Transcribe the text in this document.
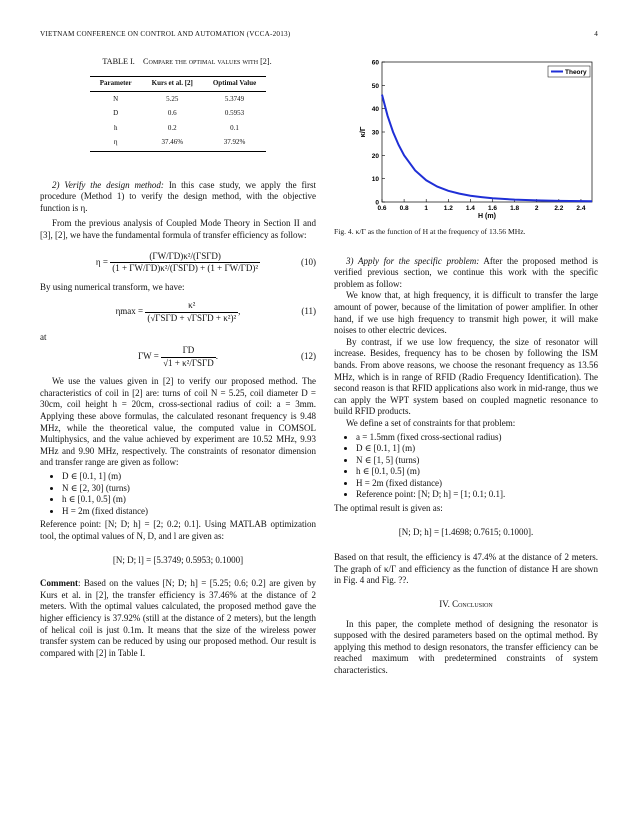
VIETNAM CONFERENCE ON CONTROL AND AUTOMATION (VCCA-2013)	4
TABLE I. Compare the optimal values with [2].
Parameter	Kurs et al. [2]	Optimal Value
N	5.25	5.3749
D	0.6	0.5953
h	0.2	0.1
η	37.46%	37.92%

2) Verify the design method: In this case study, we apply the first procedure (Method 1) to verify the design method, with the objective function is η.

From the previous analysis of Coupled Mode Theory in Section II and [3], [2], we have the fundamental formula of transfer efficiency as follow:

$\eta = \frac{\text{(ΓW/ΓD)κ²/(ΓSΓD)}}{\text{(1 + ΓW/ΓD)κ²/(ΓSΓD) + (1 + ΓW/ΓD)²}}$	(10)

By using numerical transform, we have:

$\eta\max = \frac{\text{κ²}}{\text{(√ΓSΓD + √ΓSΓD + κ²)²}}$ ,	(11)

at

$\Gamma W = \frac{\Gamma D}{\text{√1 + κ²/ΓSΓD}}$ .	(12)

We use the values given in [2] to verify our proposed method. The characteristics of coil in [2] are: turns of coil N = 5.25, coil diameter D = 30cm, coil height h = 20cm, cross-sectional radius of coil: a = 3mm. Applying these above formulas, the calculated resonant frequency is 9.48 MHz, while the theoretical value, the computed value in COMSOL Multiphysics, and the value achieved by experiment are 10.52 MHz, 9.93 MHz and 9.90 MHz, respectively. The constraints of resonator dimension and transfer range are given as follow:

• D ∈ [0.1, 1] (m)
• N ∈ [2, 30] (turns)
• h ∈ [0.1, 0.5] (m)
• H = 2m (fixed distance)

Reference point: [N; D; h] = [2; 0.2; 0.1]. Using MATLAB optimization tool, the optimal values of N, D, and l are given as:

[N; D; l] = [5.3749; 0.5953; 0.1000]

Comment: Based on the values [N; D; h] = [5.25; 0.6; 0.2] are given by Kurs et al. in [2], the transfer efficiency is 37.46% at the distance of 2 meters. With the optimal values calculated, the proposed method gave the higher efficiency is 37.92% (still at the distance of 2 meters), but the length of helical coil is just 0.1m. It means that the size of the wireless power transfer system can be reduced by using our proposed method. Our result is compared with [2] in Table I.

0
10
20
30
40
50
60
0.6 0.8 1 1.2 1.4 1.6 1.8 2 2.2 2.4
H (m)
κ/Γ
Theory
Fig. 4. κ/Γ as the function of H at the frequency of 13.56 MHz.

3) Apply for the specific problem: After the proposed method is verified previous section, we continue this work with the specific problem as follow:

We know that, at high frequency, it is difficult to transfer the large amount of power, because of the limitation of power amplifier. In other hand, if we use high frequency to transmit high power, it will make noises to other electric devices.

By contrast, if we use low frequency, the size of resonator will increase. Besides, frequency has to be chosen by following the ISM bands. From above reasons, we choose the resonant frequency as 13.56 MHz, which is in range of RFID (Radio Frequency Identification). The second reason is that RFID applications also work in mid-range, thus we can apply the WPT system based on coupled magnetic resonance to build RFID products.

We define a set of constraints for that problem:

• a = 1.5mm (fixed cross-sectional radius)
• D ∈ [0.1, 1] (m)
• N ∈ [1, 5] (turns)
• h ∈ [0.1, 0.5] (m)
• H = 2m (fixed distance)
• Reference point: [N; D; h] = [1; 0.1; 0.1].

The optimal result is given as:

[N; D; h] = [1.4698; 0.7615; 0.1000].

Based on that result, the efficiency is 47.4% at the distance of 2 meters. The graph of κ/Γ and efficiency as the function of distance H are shown in Fig. 4 and Fig. ??.

IV. Conclusion

In this paper, the complete method of designing the resonator is supposed with the desired parameters based on the optimal method. By applying this method to design resonators, the transfer efficiency can be reached maximum with predetermined constraints of system characteristics.
